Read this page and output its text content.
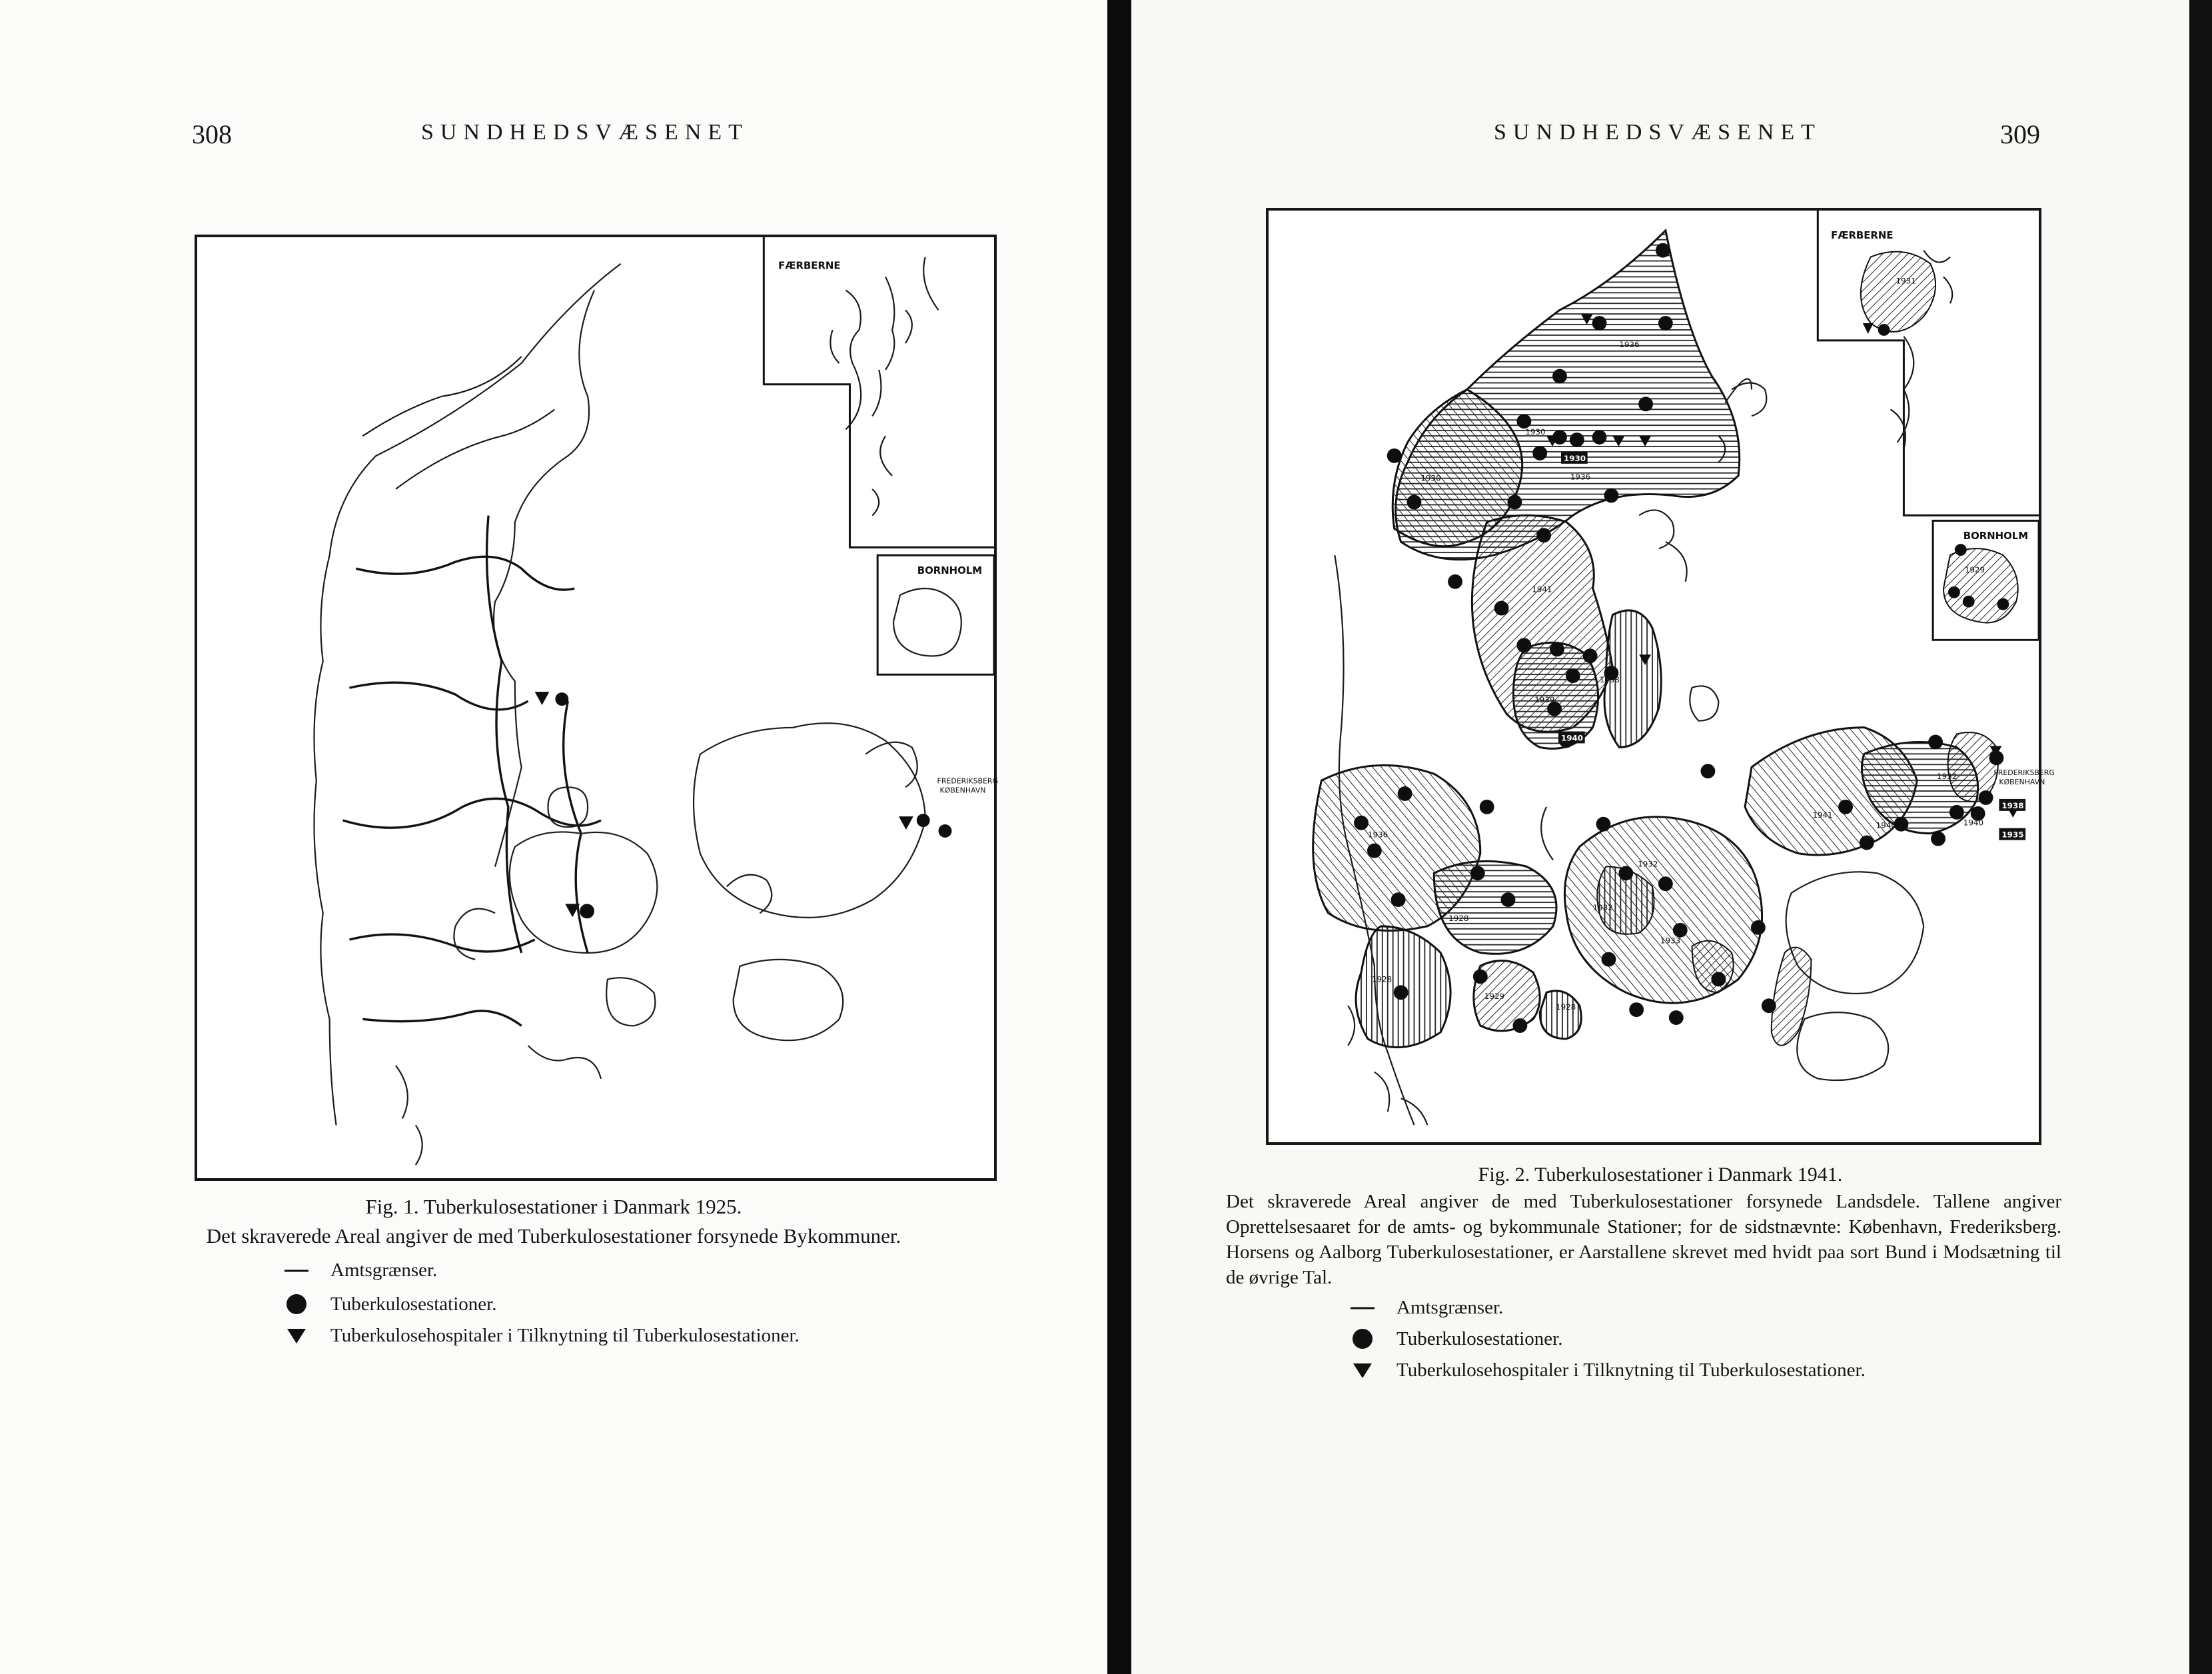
308	SUNDHEDSVÆSENET
FÆRBERNE
BORNHOLM
FREDERIKSBERG
KØBENHAVN
Fig. 1. Tuberkulosestationer i Danmark 1925.
Det skraverede Areal angiver de med Tuberkulosestationer forsynede Bykommuner.
Amtsgrænser.
Tuberkulosestationer.
Tuberkulosehospitaler i Tilknytning til Tuberkulosestationer.
SUNDHEDSVÆSENET	309
FÆRBERNE
1931
BORNHOLM
1929
1936
1930	1936
1930
1941
1938
1939
1940
1936
1932
1932
1928
1933
1928
1929
1928
1941
1940
1932
1930
1940
1938
1935
FREDERIKSBERG
KØBENHAVN
Fig. 2. Tuberkulosestationer i Danmark 1941.
Det skraverede Areal angiver de med Tuberkulosestationer forsynede Landsdele. Tallene angiver Oprettelsesaaret for de amts- og bykommunale Stationer; for de sidstnævnte: København, Frederiksberg. Horsens og Aalborg Tuberkulosestationer, er Aarstallene skrevet med hvidt paa sort Bund i Modsætning til de øvrige Tal.
Amtsgrænser.
Tuberkulosestationer.
Tuberkulosehospitaler i Tilknytning til Tuberkulosestationer.
